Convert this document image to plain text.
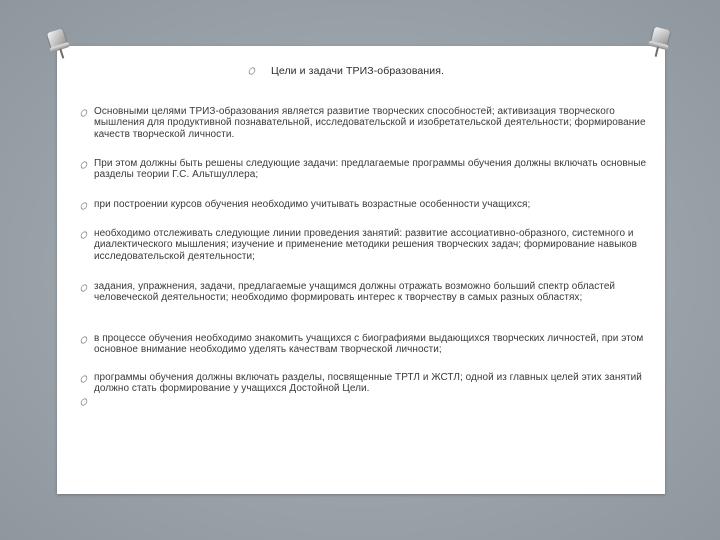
Цели и задачи ТРИЗ-образования.
Основными целями ТРИЗ-образования является развитие творческих способностей; активизация творческого мышления для продуктивной познавательной, исследовательской и изобретательской деятельности; формирование качеств творческой личности.
При этом должны быть решены следующие задачи: предлагаемые программы обучения должны включать основные разделы теории Г.С. Альтшуллера;
при построении курсов обучения необходимо учитывать возрастные особенности учащихся;
необходимо отслеживать следующие линии проведения занятий: развитие ассоциативно-образного, системного и диалектического мышления; изучение и применение методики решения творческих задач; формирование навыков исследовательской деятельности;
задания, упражнения, задачи, предлагаемые учащимся должны отражать возможно больший спектр областей человеческой деятельности; необходимо формировать интерес к творчеству в самых разных областях;
в процессе обучения необходимо знакомить учащихся с биографиями выдающихся творческих личностей, при этом основное внимание необходимо уделять качествам творческой личности;
программы обучения должны включать разделы, посвященные ТРТЛ и ЖСТЛ; одной из главных целей этих занятий должно стать формирование у учащихся Достойной Цели.
